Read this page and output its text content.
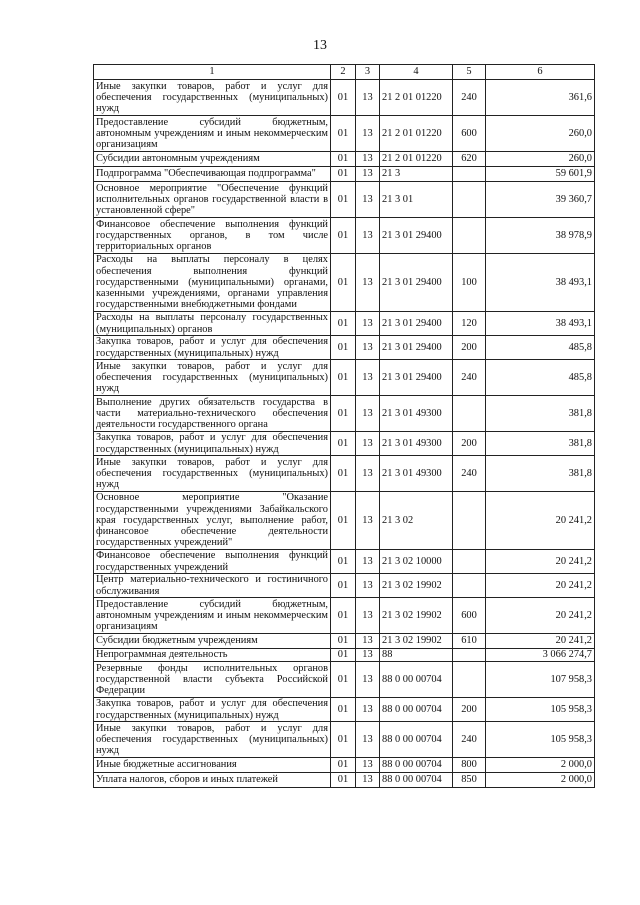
13
1	2	3	4	5	6
Иные закупки товаров, работ и услуг для обеспечения государственных (муниципальных) нужд	01	13	21 2 01 01220	240	361,6
Предоставление субсидий бюджетным, автономным учреждениям и иным некоммерческим организациям	01	13	21 2 01 01220	600	260,0
Субсидии автономным учреждениям	01	13	21 2 01 01220	620	260,0
Подпрограмма "Обеспечивающая подпрограмма"	01	13	21 3		59 601,9
Основное мероприятие "Обеспечение функций исполнительных органов государственной власти в установленной сфере"	01	13	21 3 01		39 360,7
Финансовое обеспечение выполнения функций государственных органов, в том числе территориальных органов	01	13	21 3 01 29400		38 978,9
Расходы на выплаты персоналу в целях обеспечения выполнения функций государственными (муниципальными) органами, казенными учреждениями, органами управления государственными внебюджетными фондами	01	13	21 3 01 29400	100	38 493,1
Расходы на выплаты персоналу государственных (муниципальных) органов	01	13	21 3 01 29400	120	38 493,1
Закупка товаров, работ и услуг для обеспечения государственных (муниципальных) нужд	01	13	21 3 01 29400	200	485,8
Иные закупки товаров, работ и услуг для обеспечения государственных (муниципальных) нужд	01	13	21 3 01 29400	240	485,8
Выполнение других обязательств государства в части материально-технического обеспечения деятельности государственного органа	01	13	21 3 01 49300		381,8
Закупка товаров, работ и услуг для обеспечения государственных (муниципальных) нужд	01	13	21 3 01 49300	200	381,8
Иные закупки товаров, работ и услуг для обеспечения государственных (муниципальных) нужд	01	13	21 3 01 49300	240	381,8
Основное мероприятие "Оказание государственными учреждениями Забайкальского края государственных услуг, выполнение работ, финансовое обеспечение деятельности государственных учреждений"	01	13	21 3 02		20 241,2
Финансовое обеспечение выполнения функций государственных учреждений	01	13	21 3 02 10000		20 241,2
Центр материально-технического и гостиничного обслуживания	01	13	21 3 02 19902		20 241,2
Предоставление субсидий бюджетным, автономным учреждениям и иным некоммерческим организациям	01	13	21 3 02 19902	600	20 241,2
Субсидии бюджетным учреждениям	01	13	21 3 02 19902	610	20 241,2
Непрограммная деятельность	01	13	88		3 066 274,7
Резервные фонды исполнительных органов государственной власти субъекта Российской Федерации	01	13	88 0 00 00704		107 958,3
Закупка товаров, работ и услуг для обеспечения государственных (муниципальных) нужд	01	13	88 0 00 00704	200	105 958,3
Иные закупки товаров, работ и услуг для обеспечения государственных (муниципальных) нужд	01	13	88 0 00 00704	240	105 958,3
Иные бюджетные ассигнования	01	13	88 0 00 00704	800	2 000,0
Уплата налогов, сборов и иных платежей	01	13	88 0 00 00704	850	2 000,0
